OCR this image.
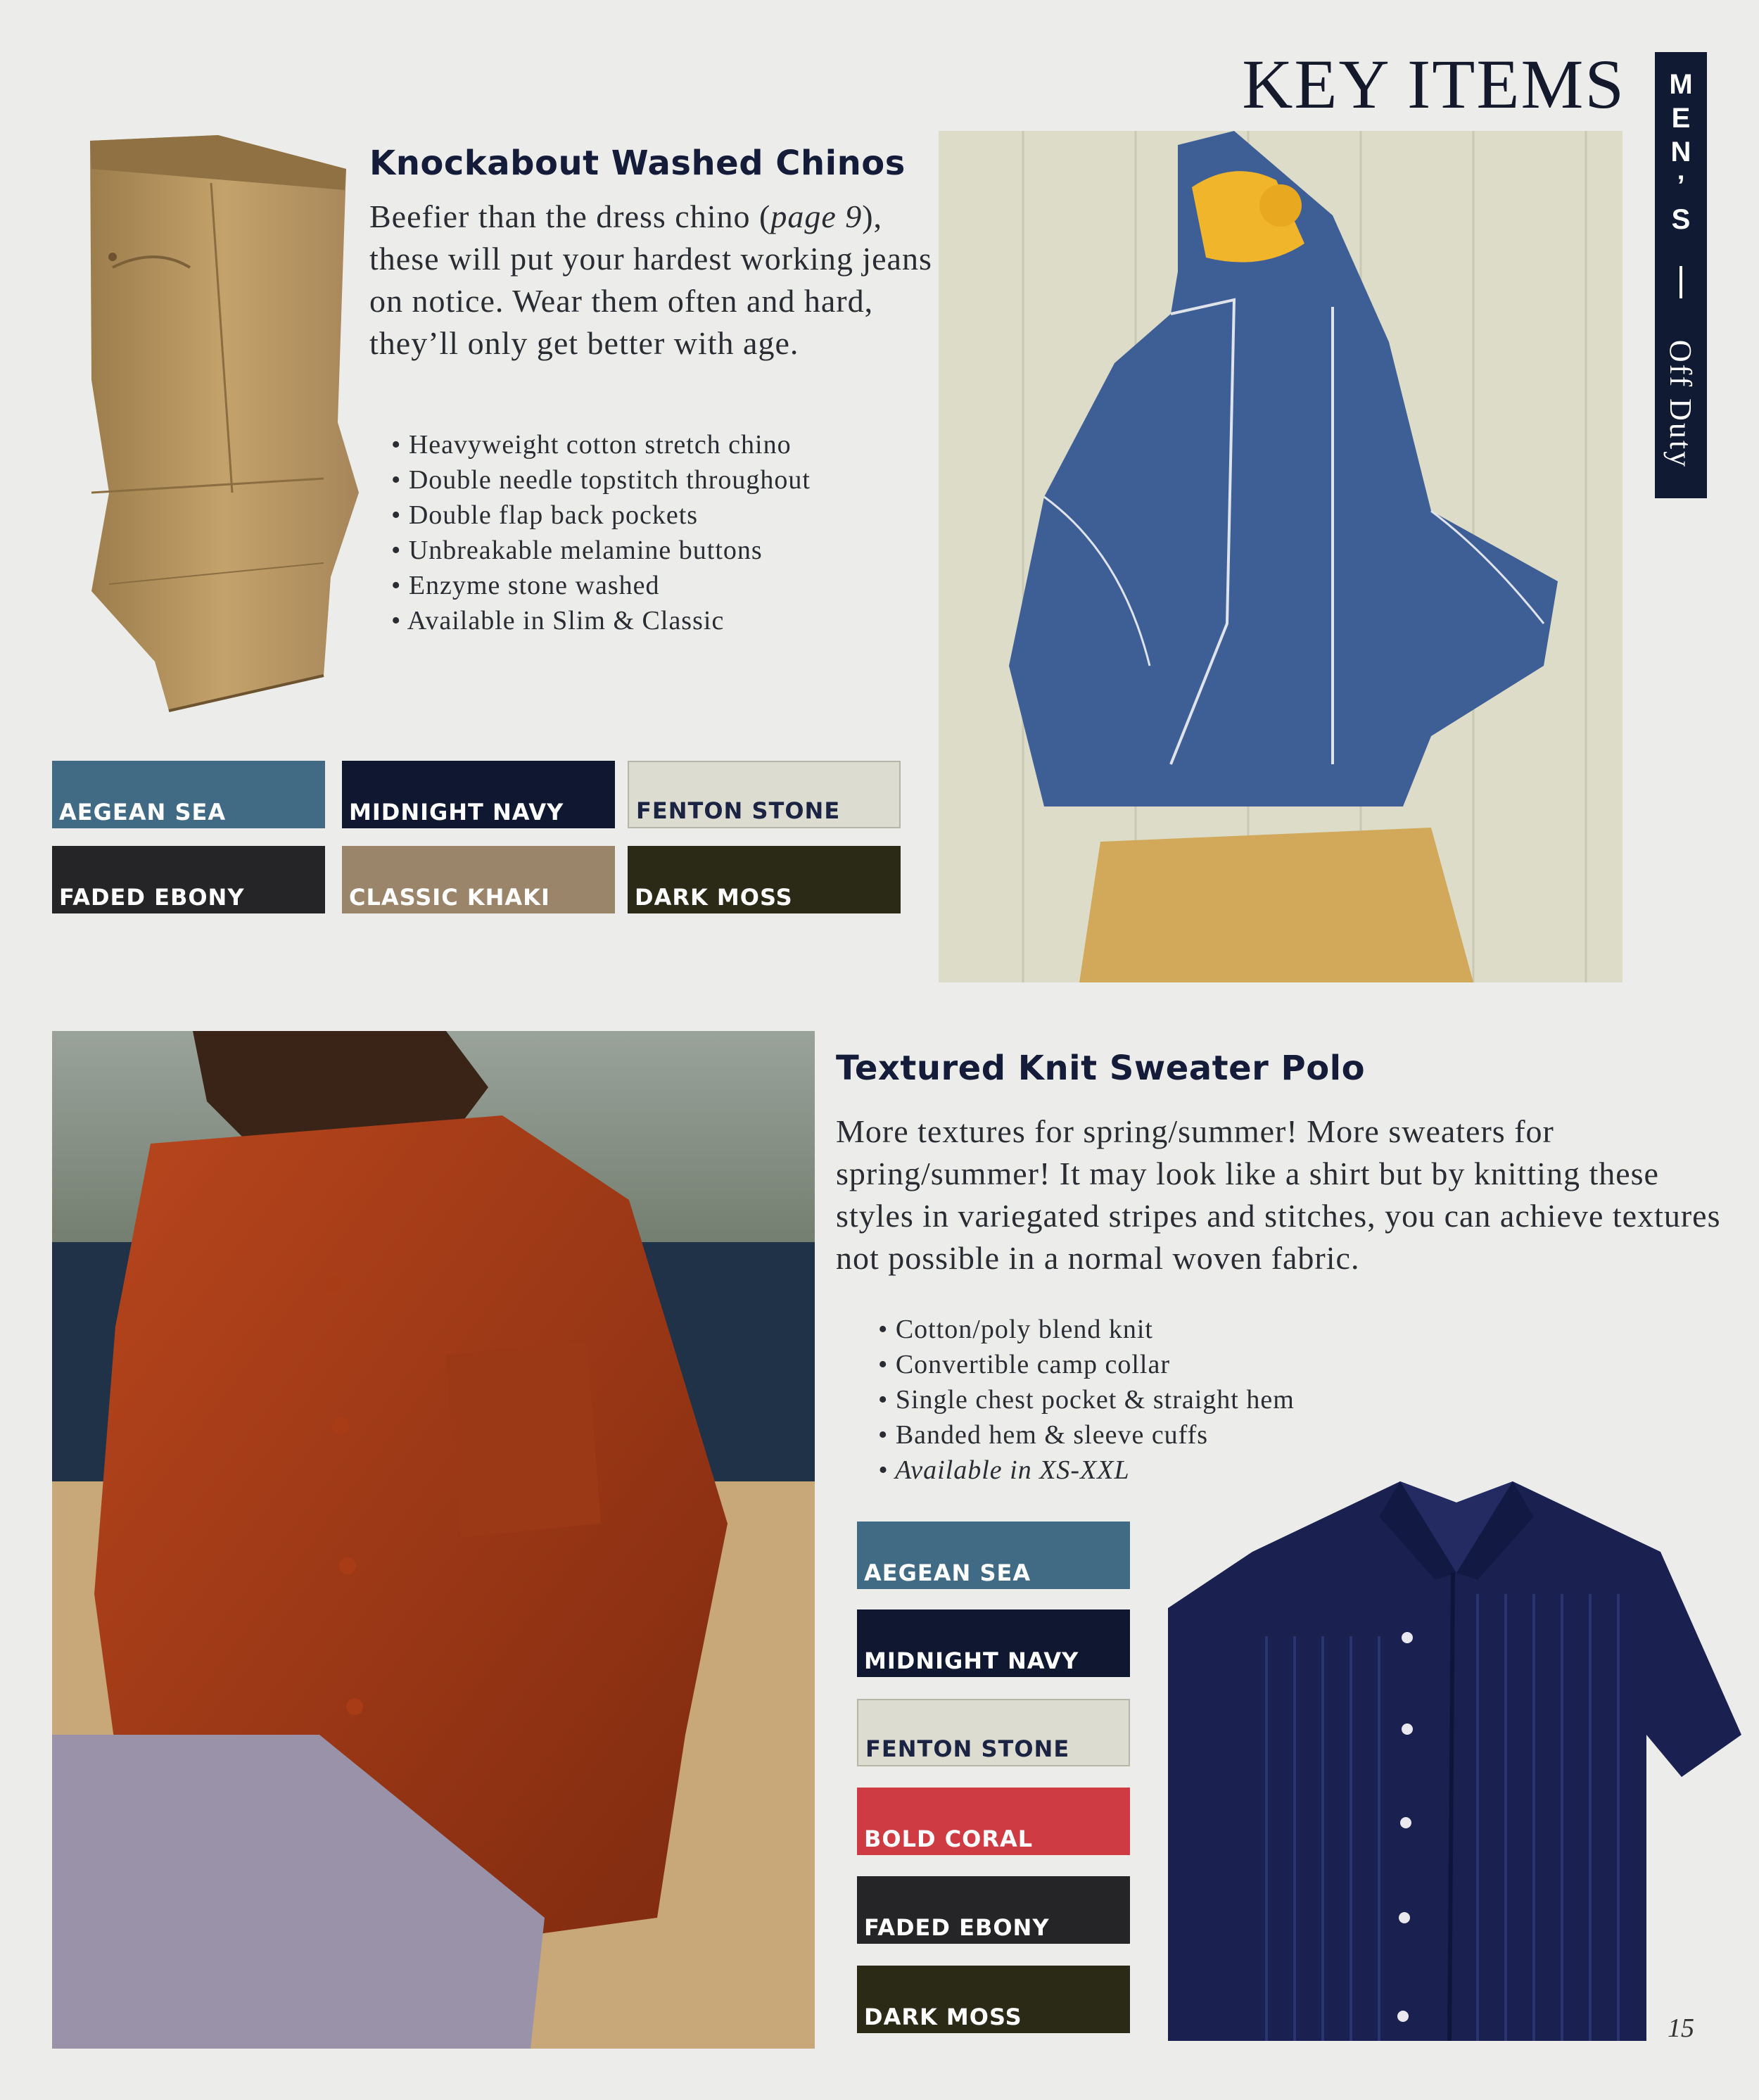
KEY ITEMS M
E
N
’
S
Off Duty
Knockabout Washed Chinos
Beefier than the dress chino (page 9), these will put your hardest working jeans on notice. Wear them often and hard, they’ll only get better with age.
• Heavyweight cotton stretch chino
• Double needle topstitch throughout
• Double flap back pockets
• Unbreakable melamine buttons
• Enzyme stone washed
• Available in Slim & Classic
AEGEAN SEA	MIDNIGHT NAVY	FENTON STONE
FADED EBONY	CLASSIC KHAKI	DARK MOSS
Textured Knit Sweater Polo
More textures for spring/summer! More sweaters for spring/summer! It may look like a shirt but by knitting these styles in variegated stripes and stitches, you can achieve textures not possible in a normal woven fabric.
• Cotton/poly blend knit
• Convertible camp collar
• Single chest pocket & straight hem
• Banded hem & sleeve cuffs
• Available in XS-XXL
AEGEAN SEA
MIDNIGHT NAVY
FENTON STONE
BOLD CORAL
FADED EBONY
DARK MOSS	15
